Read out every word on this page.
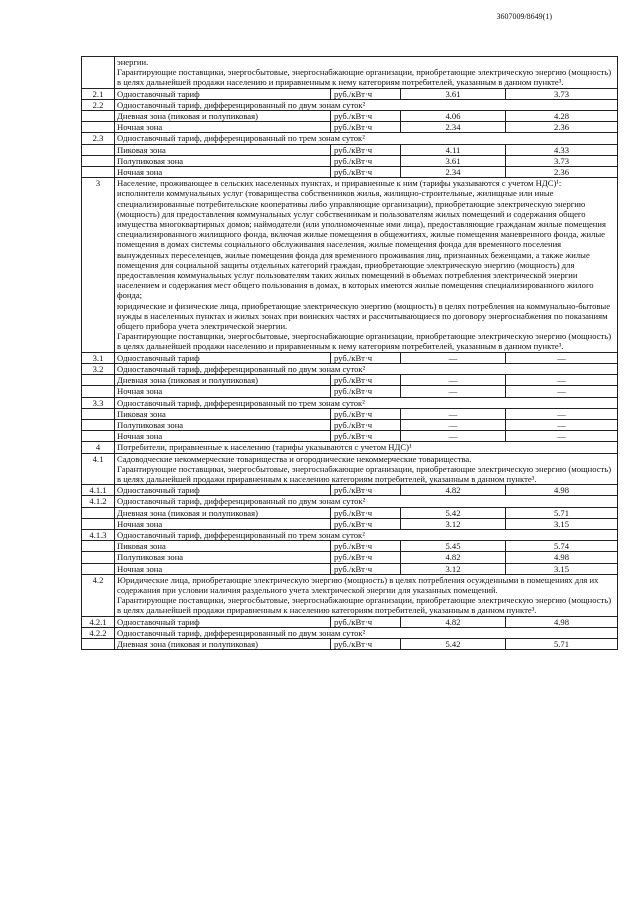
3607009/8649(1)
	энергии.
Гарантирующие поставщики, энергосбытовые, энергоснабжающие организации, приобретающие электрическую энергию (мощность) в целях дальнейшей продажи населению и приравненным к нему категориям потребителей, указанным в данном пункте³.			
2.1	Одноставочный тариф	руб./кВт·ч	3.61	3.73
2.2	Одноставочный тариф, дифференцированный по двум зонам суток²			
	Дневная зона (пиковая и полупиковая)	руб./кВт·ч	4.06	4.28
	Ночная зона	руб./кВт·ч	2.34	2.36
2.3	Одноставочный тариф, дифференцированный по трем зонам суток²			
	Пиковая зона	руб./кВт·ч	4.11	4.33
	Полупиковая зона	руб./кВт·ч	3.61	3.73
	Ночная зона	руб./кВт·ч	2.34	2.36
3	Население, проживающее в сельских населенных пунктах, и приравненные к ним (тарифы указываются с учетом НДС)¹:
исполнители коммунальных услуг (товарищества собственников жилья, жилищно-строительные, жилищные или иные специализированные потребительские кооперативы либо управляющие организации), приобретающие электрическую энергию (мощность) для предоставления коммунальных услуг собственникам и пользователям жилых помещений и содержания общего имущества многоквартирных домов; наймодатели (или уполномоченные ими лица), предоставляющие гражданам жилые помещения специализированного жилищного фонда, включая жилые помещения в общежитиях, жилые помещения маневренного фонда, жилые помещения в домах системы социального обслуживания населения, жилые помещения фонда для временного поселения вынужденных переселенцев, жилые помещения фонда для временного проживания лиц, признанных беженцами, а также жилые помещения для социальной защиты отдельных категорий граждан, приобретающие электрическую энергию (мощность) для предоставления коммунальных услуг пользователям таких жилых помещений в объемах потребления электрической энергии населением и содержания мест общего пользования в домах, в которых имеются жилые помещения специализированного жилого фонда;
юридические и физические лица, приобретающие электрическую энергию (мощность) в целях потребления на коммунально-бытовые нужды в населенных пунктах и жилых зонах при воинских частях и рассчитывающиеся по договору энергоснабжения по показаниям общего прибора учета электрической энергии.
Гарантирующие поставщики, энергосбытовые, энергоснабжающие организации, приобретающие электрическую энергию (мощность) в целях дальнейшей продажи населению и приравненным к нему категориям потребителей, указанным в данном пункте³.			
3.1	Одноставочный тариф	руб./кВт·ч	—	—
3.2	Одноставочный тариф, дифференцированный по двум зонам суток²			
	Дневная зона (пиковая и полупиковая)	руб./кВт·ч	—	—
	Ночная зона	руб./кВт·ч	—	—
3.3	Одноставочный тариф, дифференцированный по трем зонам суток²			
	Пиковая зона	руб./кВт·ч	—	—
	Полупиковая зона	руб./кВт·ч	—	—
	Ночная зона	руб./кВт·ч	—	—
4	Потребители, приравненные к населению (тарифы указываются с учетом НДС)¹			
4.1	Садоводческие некоммерческие товарищества и огороднические некоммерческие товарищества.
Гарантирующие поставщики, энергосбытовые, энергоснабжающие организации, приобретающие электрическую энергию (мощность) в целях дальнейшей продажи приравненным к населению категориям потребителей, указанным в данном пункте³.			
4.1.1	Одноставочный тариф	руб./кВт·ч	4.82	4.98
4.1.2	Одноставочный тариф, дифференцированный по двум зонам суток²			
	Дневная зона (пиковая и полупиковая)	руб./кВт·ч	5.42	5.71
	Ночная зона	руб./кВт·ч	3.12	3.15
4.1.3	Одноставочный тариф, дифференцированный по трем зонам суток²			
	Пиковая зона	руб./кВт·ч	5.45	5.74
	Полупиковая зона	руб./кВт·ч	4.82	4.98
	Ночная зона	руб./кВт·ч	3.12	3.15
4.2	Юридические лица, приобретающие электрическую энергию (мощность) в целях потребления осужденными в помещениях для их содержания при условии наличия раздельного учета электрической энергии для указанных помещений.
Гарантирующие поставщики, энергосбытовые, энергоснабжающие организации, приобретающие электрическую энергию (мощность) в целях дальнейшей продажи приравненным к населению категориям потребителей, указанным в данном пункте³.			
4.2.1	Одноставочный тариф	руб./кВт·ч	4.82	4.98
4.2.2	Одноставочный тариф, дифференцированный по двум зонам суток²			
	Дневная зона (пиковая и полупиковая)	руб./кВт·ч	5.42	5.71
